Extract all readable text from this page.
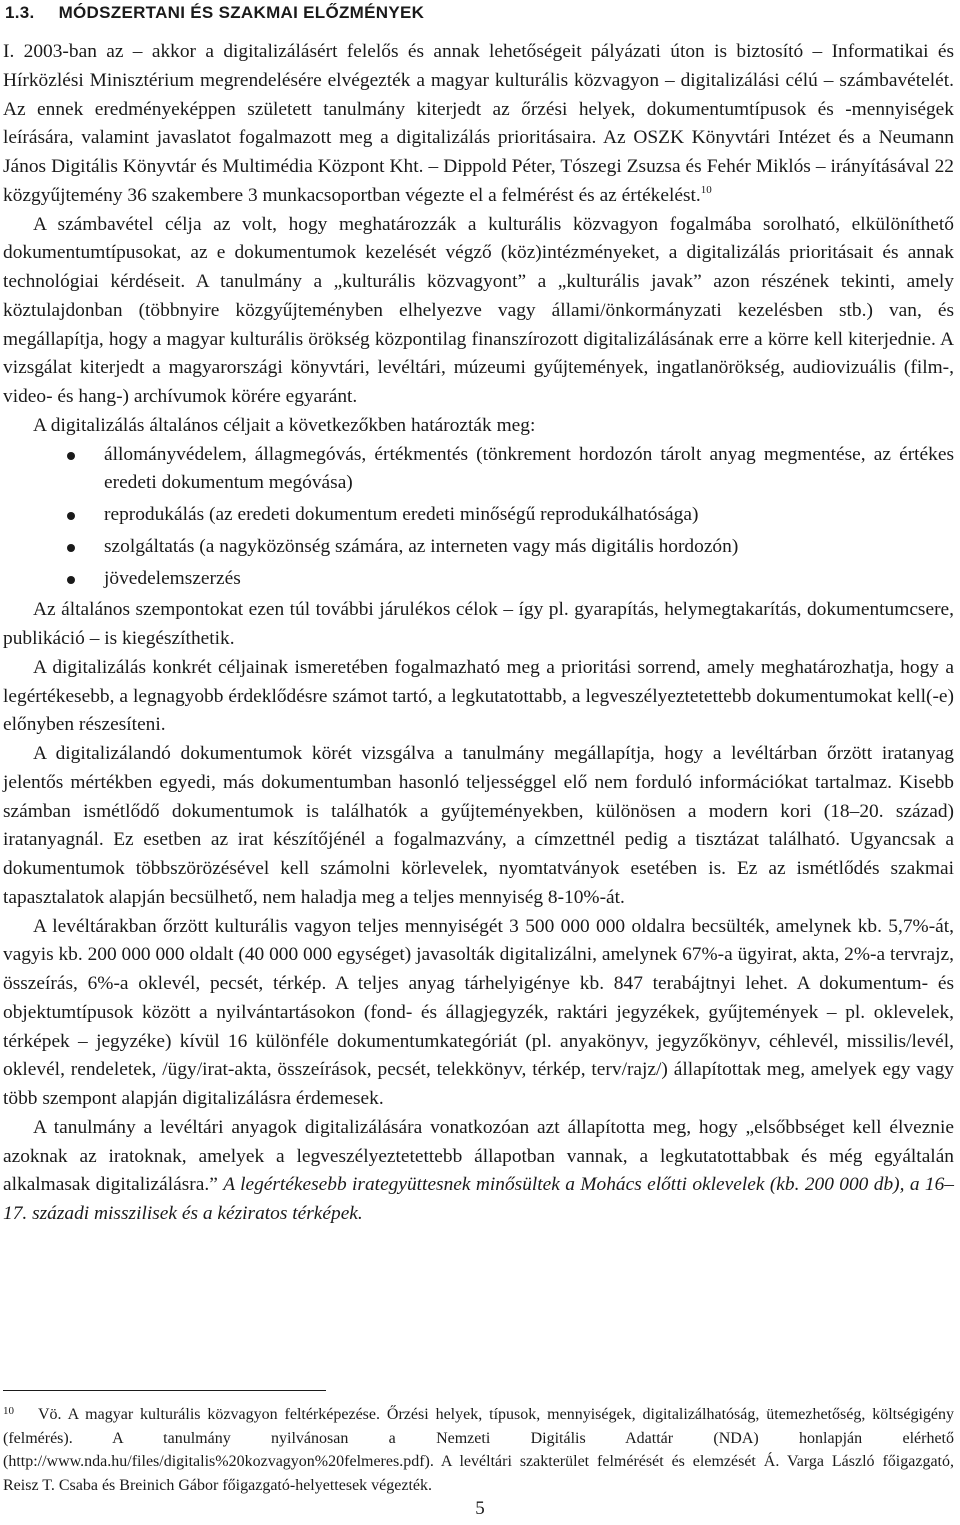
1.3. MÓDSZERTANI ÉS SZAKMAI ELŐZMÉNYEK

I. 2003-ban az – akkor a digitalizálásért felelős és annak lehetőségeit pályázati úton is biztosító – Informatikai és Hírközlési Minisztérium megrendelésére elvégezték a magyar kulturális közvagyon – digitalizálási célú – számbavételét. Az ennek eredményeképpen született tanulmány kiterjedt az őrzési helyek, dokumentumtípusok és -mennyiségek leírására, valamint javaslatot fogalmazott meg a digitalizálás prioritásaira. Az OSZK Könyvtári Intézet és a Neumann János Digitális Könyvtár és Multimédia Központ Kht. – Dippold Péter, Tószegi Zsuzsa és Fehér Miklós – irányításával 22 közgyűjtemény 36 szakembere 3 munkacsoportban végezte el a felmérést és az értékelést.$^{10}$

A számbavétel célja az volt, hogy meghatározzák a kulturális közvagyon fogalmába sorolható, elkülöníthető dokumentumtípusokat, az e dokumentumok kezelését végző (köz)intézményeket, a digitalizálás prioritásait és annak technológiai kérdéseit. A tanulmány a „kulturális közvagyont” a „kulturális javak” azon részének tekinti, amely köztulajdonban (többnyire közgyűjteményben elhelyezve vagy állami/önkormányzati kezelésben stb.) van, és megállapítja, hogy a magyar kulturális örökség központilag finanszírozott digitalizálásának erre a körre kell kiterjednie. A vizsgálat kiterjedt a magyarországi könyvtári, levéltári, múzeumi gyűjtemények, ingatlanörökség, audiovizuális (film-, video- és hang-) archívumok körére egyaránt.

A digitalizálás általános céljait a következőkben határozták meg:

állományvédelem, állagmegóvás, értékmentés (tönkrement hordozón tárolt anyag megmentése, az értékes eredeti dokumentum megóvása)
reprodukálás (az eredeti dokumentum eredeti minőségű reprodukálhatósága)
szolgáltatás (a nagyközönség számára, az interneten vagy más digitális hordozón)
jövedelemszerzés

Az általános szempontokat ezen túl további járulékos célok – így pl. gyarapítás, helymegtakarítás, dokumentumcsere, publikáció – is kiegészíthetik.

A digitalizálás konkrét céljainak ismeretében fogalmazható meg a prioritási sorrend, amely meghatározhatja, hogy a legértékesebb, a legnagyobb érdeklődésre számot tartó, a legkutatottabb, a legveszélyeztetettebb dokumentumokat kell(-e) előnyben részesíteni.

A digitalizálandó dokumentumok körét vizsgálva a tanulmány megállapítja, hogy a levéltárban őrzött iratanyag jelentős mértékben egyedi, más dokumentumban hasonló teljességgel elő nem forduló információkat tartalmaz. Kisebb számban ismétlődő dokumentumok is találhatók a gyűjteményekben, különösen a modern kori (18–20. század) iratanyagnál. Ez esetben az irat készítőjénél a fogalmazvány, a címzettnél pedig a tisztázat található. Ugyancsak a dokumentumok többszörözésével kell számolni körlevelek, nyomtatványok esetében is. Ez az ismétlődés szakmai tapasztalatok alapján becsülhető, nem haladja meg a teljes mennyiség 8-10%-át.

A levéltárakban őrzött kulturális vagyon teljes mennyiségét 3 500 000 000 oldalra becsülték, amelynek kb. 5,7%-át, vagyis kb. 200 000 000 oldalt (40 000 000 egységet) javasolták digitalizálni, amelynek 67%-a ügyirat, akta, 2%-a tervrajz, összeírás, 6%-a oklevél, pecsét, térkép. A teljes anyag tárhelyigénye kb. 847 terabájtnyi lehet. A dokumentum- és objektumtípusok között a nyilvántartásokon (fond- és állagjegyzék, raktári jegyzékek, gyűjtemények – pl. oklevelek, térképek – jegyzéke) kívül 16 különféle dokumentumkategóriát (pl. anyakönyv, jegyzőkönyv, céhlevél, missilis/levél, oklevél, rendeletek, /ügy/irat-akta, összeírások, pecsét, telekkönyv, térkép, terv/rajz/) állapítottak meg, amelyek egy vagy több szempont alapján digitalizálásra érdemesek.

A tanulmány a levéltári anyagok digitalizálására vonatkozóan azt állapította meg, hogy „elsőbbséget kell élveznie azoknak az iratoknak, amelyek a legveszélyeztetettebb állapotban vannak, a legkutatottabbak és még egyáltalán alkalmasak digitalizálásra.” A legértékesebb irategyüttesnek minősültek a Mohács előtti oklevelek (kb. 200 000 db), a 16–17. századi misszilisek és a kéziratos térképek.

10	Vö. A magyar kulturális közvagyon feltérképezése. Őrzési helyek, típusok, mennyiségek, digitalizálhatóság, ütemezhetőség, költségigény (felmérés). A tanulmány nyilvánosan a Nemzeti Digitális Adattár (NDA) honlapján elérhető (http://www.nda.hu/files/digitalis%20kozvagyon%20felmeres.pdf). A levéltári szakterület felmérését és elemzését Á. Varga László főigazgató, Reisz T. Csaba és Breinich Gábor főigazgató-helyettesek végezték.
5
